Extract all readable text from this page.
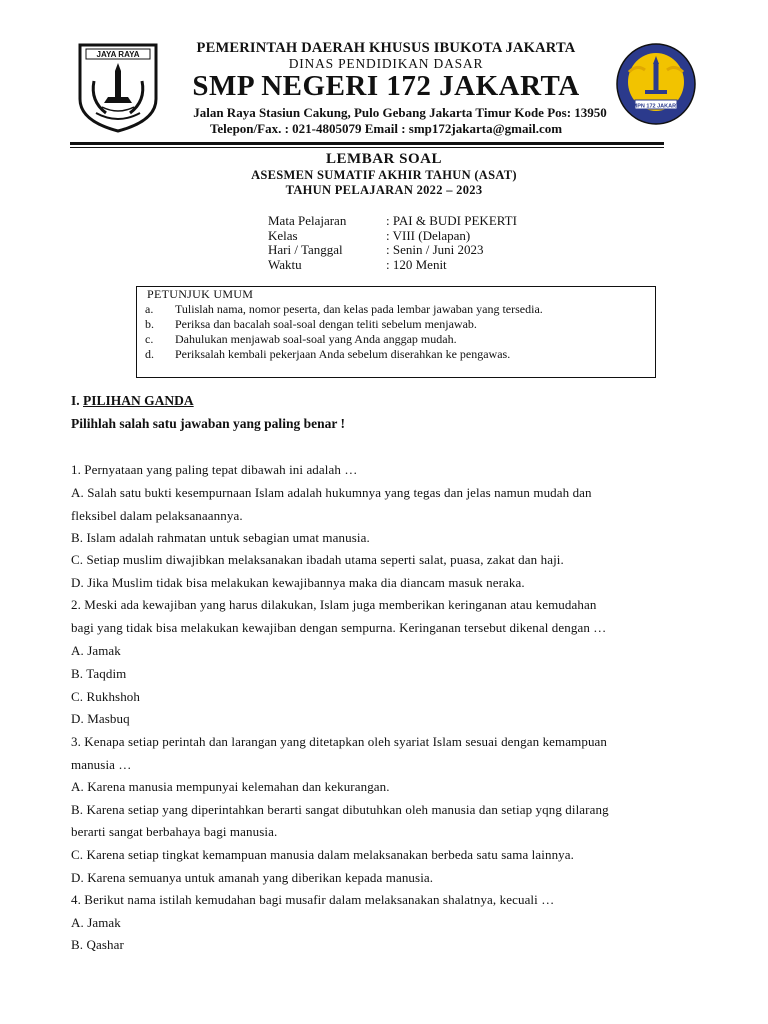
JAYA RAYA	PEMERINTAH DAERAH KHUSUS IBUKOTA JAKARTA
DINAS PENDIDIKAN DASAR
SMP NEGERI 172 JAKARTA
Jalan Raya Stasiun Cakung, Pulo Gebang Jakarta Timur Kode Pos: 13950
Telepon/Fax. : 021-4805079 Email : smp172jakarta@gmail.com
SMPN 172 JAKARTA
LEMBAR SOAL
ASESMEN SUMATIF AKHIR TAHUN (ASAT)
TAHUN PELAJARAN 2022 – 2023
Mata Pelajaran	: PAI & BUDI PEKERTI
Kelas	: VIII (Delapan)
Hari / Tanggal	: Senin / Juni 2023
Waktu	: 120 Menit
PETUNJUK UMUM
a. Tulislah nama, nomor peserta, dan kelas pada lembar jawaban yang tersedia.
b. Periksa dan bacalah soal-soal dengan teliti sebelum menjawab.
c. Dahulukan menjawab soal-soal yang Anda anggap mudah.
d. Periksalah kembali pekerjaan Anda sebelum diserahkan ke pengawas.
I. PILIHAN GANDA
Pilihlah salah satu jawaban yang paling benar !
1. Pernyataan yang paling tepat dibawah ini adalah …
A. Salah satu bukti kesempurnaan Islam adalah hukumnya yang tegas dan jelas namun mudah dan
fleksibel dalam pelaksanaannya.
B. Islam adalah rahmatan untuk sebagian umat manusia.
C. Setiap muslim diwajibkan melaksanakan ibadah utama seperti salat, puasa, zakat dan haji.
D. Jika Muslim tidak bisa melakukan kewajibannya maka dia diancam masuk neraka.
2. Meski ada kewajiban yang harus dilakukan, Islam juga memberikan keringanan atau kemudahan
bagi yang tidak bisa melakukan kewajiban dengan sempurna. Keringanan tersebut dikenal dengan …
A. Jamak
B. Taqdim
C. Rukhshoh
D. Masbuq
3. Kenapa setiap perintah dan larangan yang ditetapkan oleh syariat Islam sesuai dengan kemampuan
manusia …
A. Karena manusia mempunyai kelemahan dan kekurangan.
B. Karena setiap yang diperintahkan berarti sangat dibutuhkan oleh manusia dan setiap yqng dilarang
berarti sangat berbahaya bagi manusia.
C. Karena setiap tingkat kemampuan manusia dalam melaksanakan berbeda satu sama lainnya.
D. Karena semuanya untuk amanah yang diberikan kepada manusia.
4. Berikut nama istilah kemudahan bagi musafir dalam melaksanakan shalatnya, kecuali …
A. Jamak
B. Qashar
